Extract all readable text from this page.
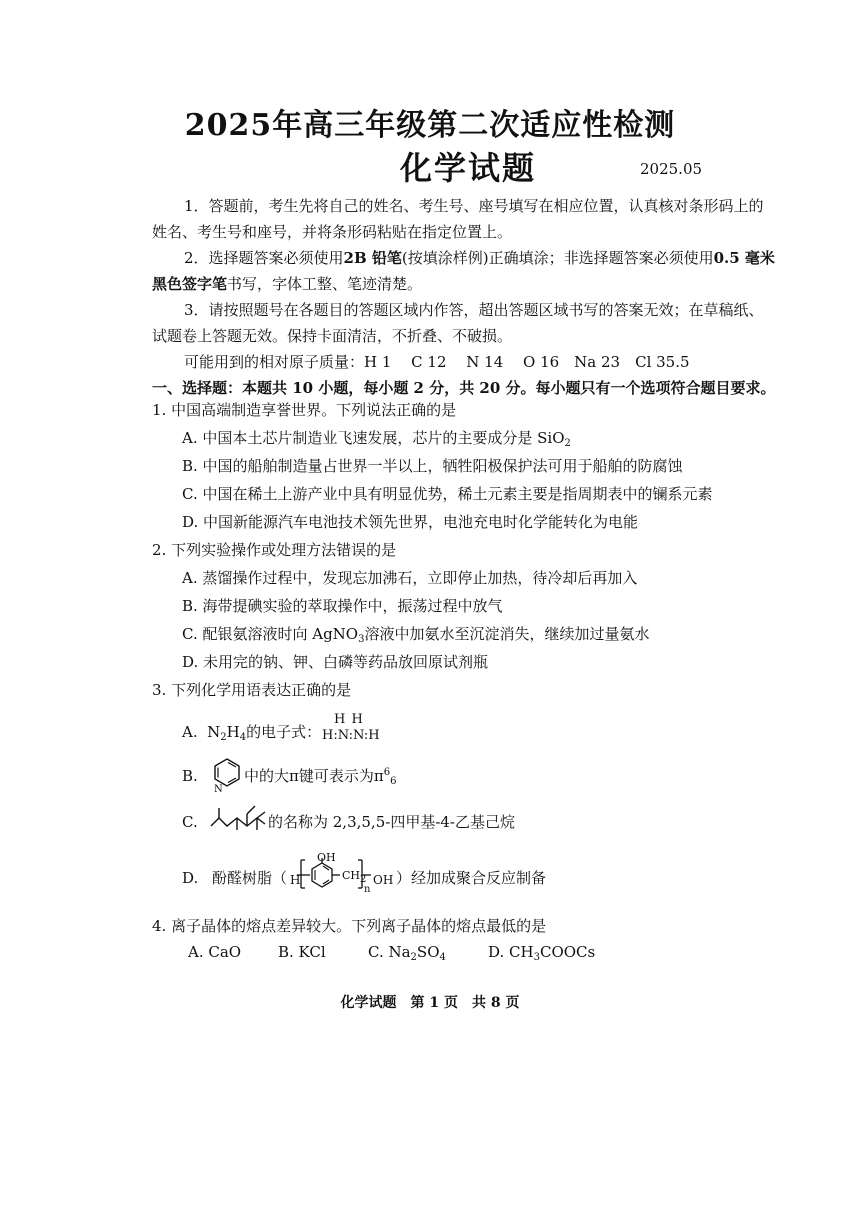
2025年高三年级第二次适应性检测
化学试题	2025.05
1．答题前，考生先将自己的姓名、考生号、座号填写在相应位置，认真核对条形码上的
姓名、考生号和座号，并将条形码粘贴在指定位置上。
2．选择题答案必须使用2B 铅笔(按填涂样例)正确填涂；非选择题答案必须使用0.5 毫米
黑色签字笔书写，字体工整、笔迹清楚。
3．请按照题号在各题目的答题区域内作答，超出答题区域书写的答案无效；在草稿纸、
试题卷上答题无效。保持卡面清洁，不折叠、不破损。
可能用到的相对原子质量：H 1　 C 12　 N 14　 O 16　Na 23　Cl 35.5
一、选择题：本题共 10 小题，每小题 2 分，共 20 分。每小题只有一个选项符合题目要求。
1. 中国高端制造享誉世界。下列说法正确的是
A. 中国本土芯片制造业飞速发展，芯片的主要成分是 SiO$_2$
B. 中国的船舶制造量占世界一半以上，牺牲阳极保护法可用于船舶的防腐蚀
C. 中国在稀土上游产业中具有明显优势，稀土元素主要是指周期表中的镧系元素
D. 中国新能源汽车电池技术领先世界，电池充电时化学能转化为电能
2. 下列实验操作或处理方法错误的是
A. 蒸馏操作过程中，发现忘加沸石，立即停止加热，待冷却后再加入
B. 海带提碘实验的萃取操作中，振荡过程中放气
C. 配银氨溶液时向 AgNO$_3$溶液中加氨水至沉淀消失，继续加过量氨水
D. 未用完的钠、钾、白磷等药品放回原试剂瓶
3. 下列化学用语表达正确的是
A. $N_2H_4$的电子式：
H H
H:N:N:H
B.
N
中的大π键可表示为$\pi^6_6$
C.	的名称为 2,3,5,5-四甲基-4-乙基己烷
D. 酚醛树脂（ H
OH
$CH_2$
n
OH ）经加成聚合反应制备
4. 离子晶体的熔点差异较大。下列离子晶体的熔点最低的是
A. CaO B. KCl	C. $Na_2SO_4$	D. $CH_3COOCs$
化学试题　第 1 页　共 8 页
